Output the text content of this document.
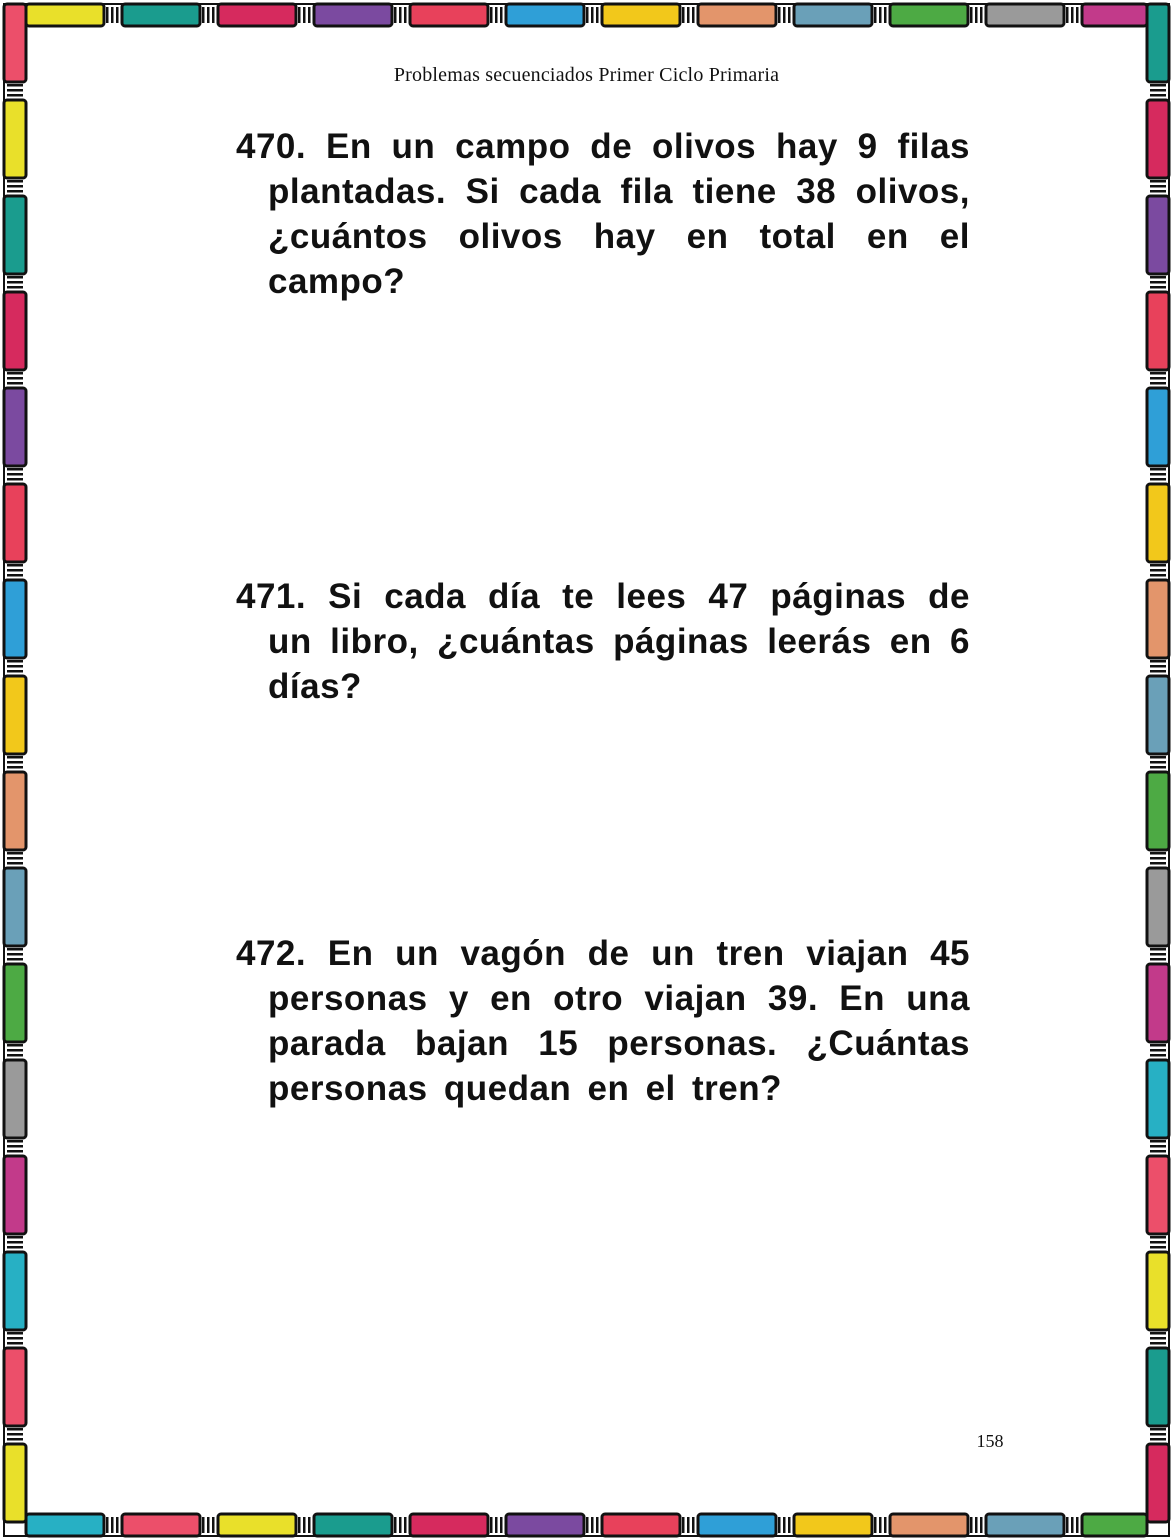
Problemas secuenciados Primer Ciclo Primaria
470. En un campo de olivos hay 9 filas plantadas. Si cada fila tiene 38 olivos, ¿cuántos olivos hay en total en el campo?
471. Si cada día te lees 47 páginas de un libro, ¿cuántas páginas leerás en 6 días?
472. En un vagón de un tren viajan 45 personas y en otro viajan 39. En una parada bajan 15 personas. ¿Cuántas personas quedan en el tren?
158
